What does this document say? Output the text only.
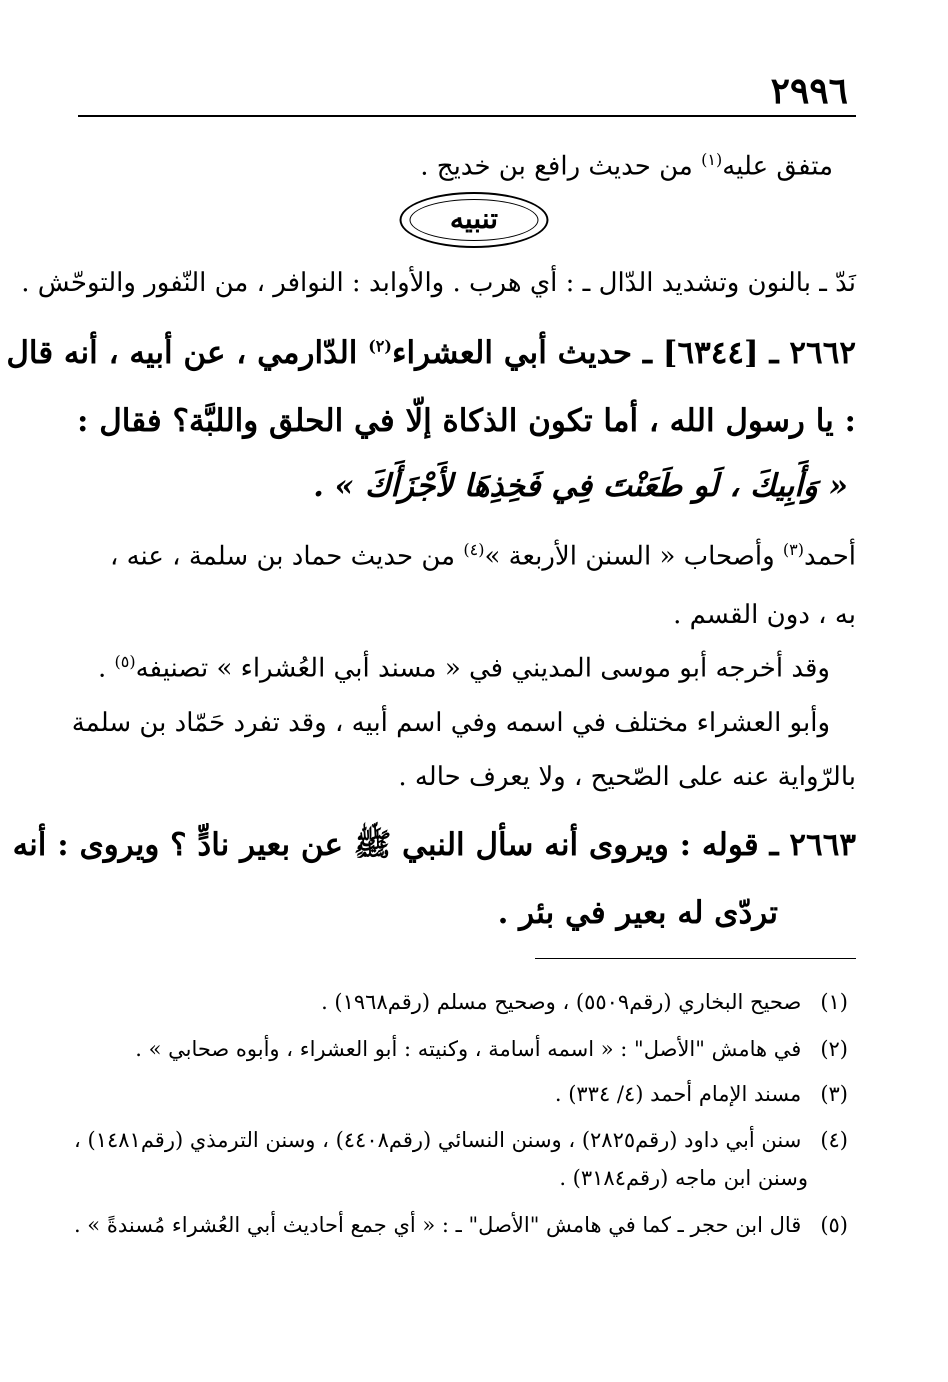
٢٩٩٦
متفق عليه$^{(١)}$ من حديث رافع بن خديج .
تنبيه
نَدّ ـ بالنون وتشديد الدّال ـ : أي هرب . والأوابد : النوافر ، من النّفور والتوحّش .
٢٦٦٢ ـ [٦٣٤٤] ـ حديث أبي العشراء$^{(٢)}$ الدّارمي ، عن أبيه ، أنه قال
: يا رسول الله ، أما تكون الذكاة إلّا في الحلق واللبَّة؟ فقال :
« وَأَبِيكَ ، لَو طَعَنْتَ فِي فَخِذِهَا لأَجْزَأَكَ » .
أحمد$^{(٣)}$ وأصحاب « السنن الأربعة »$^{(٤)}$ من حديث حماد بن سلمة ، عنه ،
به ، دون القسم .
وقد أخرجه أبو موسى المديني في « مسند أبي العُشراء » تصنيفه$^{(٥)}$ .
وأبو العشراء مختلف في اسمه وفي اسم أبيه ، وقد تفرد حَمّاد بن سلمة
بالرّواية عنه على الصّحيح ، ولا يعرف حاله .
٢٦٦٣ ـ قوله : ويروى أنه سأل النبي ﷺ عن بعير نادٍّ ؟ ويروى : أنه
تردّى له بعير في بئر .
(١) صحيح البخاري (رقم٥٥٠٩) ، وصحيح مسلم (رقم١٩٦٨) .
(٢) في هامش "الأصل" : « اسمه أسامة ، وكنيته : أبو العشراء ، وأبوه صحابي » .
(٣) مسند الإمام أحمد (٤/ ٣٣٤) .
(٤) سنن أبي داود (رقم٢٨٢٥) ، وسنن النسائي (رقم٤٤٠٨) ، وسنن الترمذي (رقم١٤٨١) ،
وسنن ابن ماجه (رقم٣١٨٤) .
(٥) قال ابن حجر ـ كما في هامش "الأصل" ـ : « أي جمع أحاديث أبي العُشراء مُسندةً » .
